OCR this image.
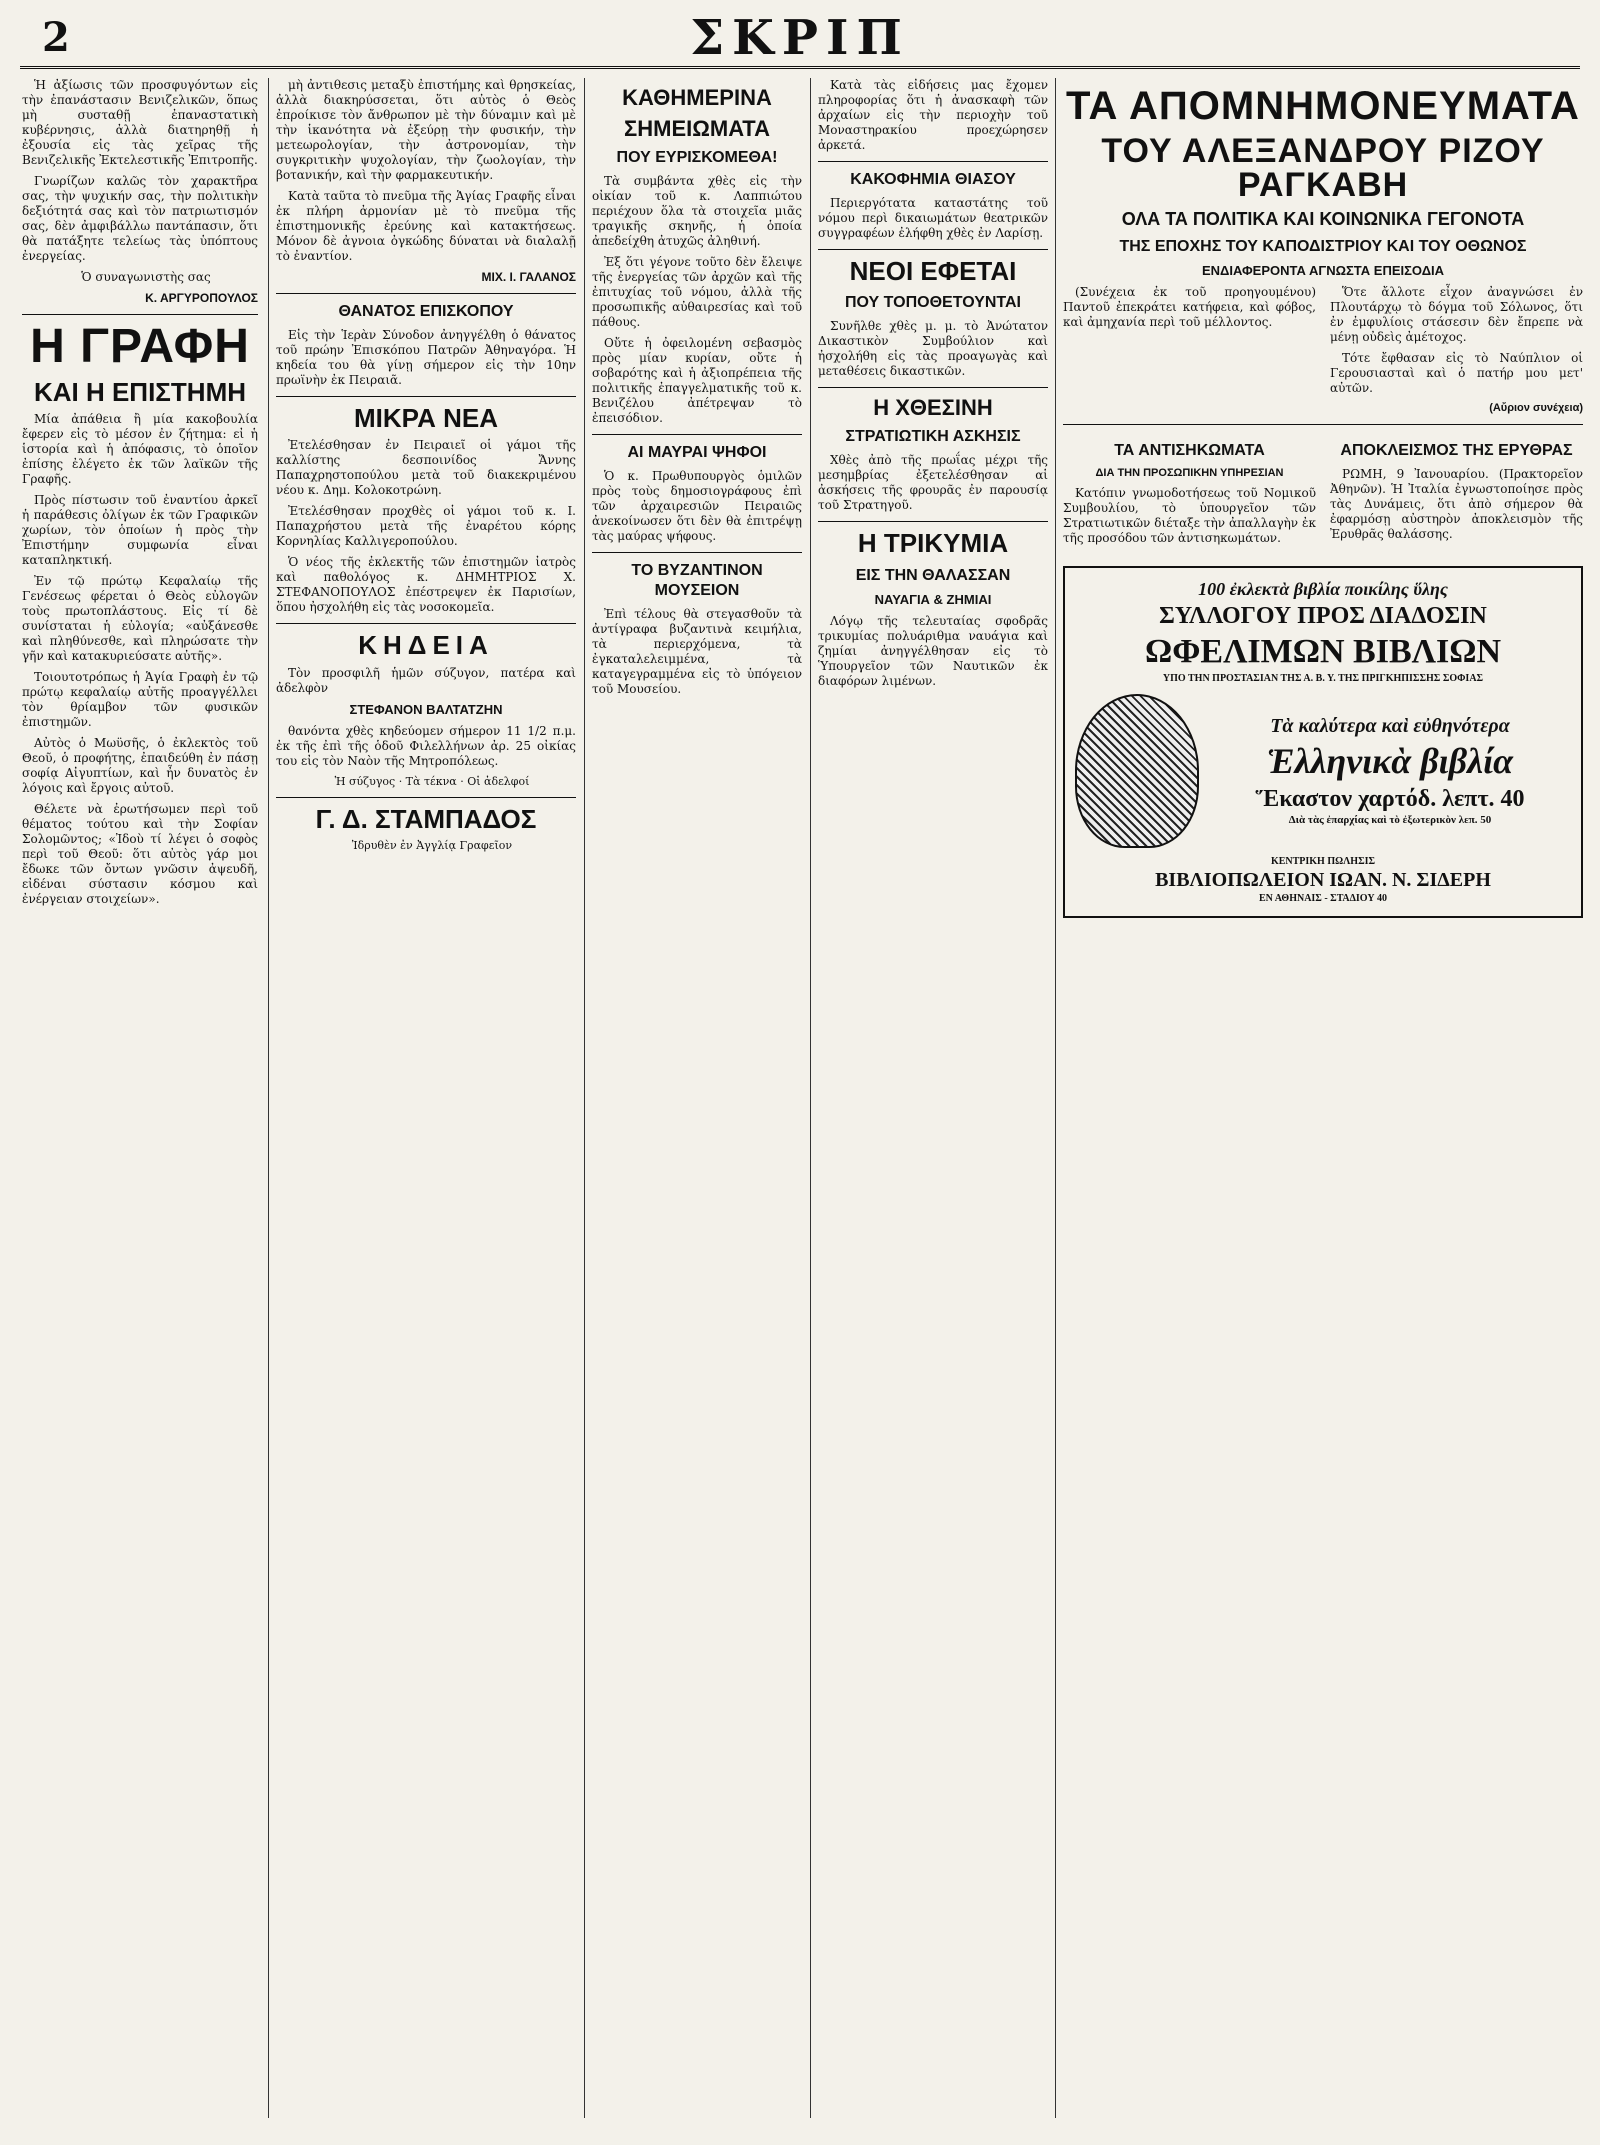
2	ΣΚΡΙΠ

Ἡ ἀξίωσις τῶν προσφυγόντων εἰς τὴν ἐπανάστασιν Βενιζελικῶν, ὅπως μὴ συσταθῇ ἐπαναστατικὴ κυβέρνησις, ἀλλὰ διατηρηθῇ ἡ ἐξουσία εἰς τὰς χεῖρας τῆς Βενιζελικῆς Ἐκτελεστικῆς Ἐπιτροπῆς.

Γνωρίζων καλῶς τὸν χαρακτῆρα σας, τὴν ψυχικήν σας, τὴν πολιτικὴν δεξιότητά σας καὶ τὸν πατριωτισμόν σας, δὲν ἀμφιβάλλω παντάπασιν, ὅτι θὰ πατάξητε τελείως τὰς ὑπόπτους ἐνεργείας.

Ὁ συναγωνιστὴς σας

Κ. ΑΡΓΥΡΟΠΟΥΛΟΣ
Η ΓΡΑΦΗ
ΚΑΙ Η ΕΠΙΣΤΗΜΗ

Μία ἀπάθεια ἢ μία κακοβουλία ἔφερεν εἰς τὸ μέσον ἐν ζήτημα: εἰ ἡ ἱστορία καὶ ἡ ἀπόφασις, τὸ ὁποῖον ἐπίσης ἐλέγετο ἐκ τῶν λαϊκῶν τῆς Γραφῆς.

Πρὸς πίστωσιν τοῦ ἐναντίου ἀρκεῖ ἡ παράθεσις ὀλίγων ἐκ τῶν Γραφικῶν χωρίων, τὸν ὁποίων ἡ πρὸς τὴν Ἐπιστήμην συμφωνία εἶναι καταπληκτική.

Ἐν τῷ πρώτῳ Κεφαλαίῳ τῆς Γενέσεως φέρεται ὁ Θεὸς εὐλογῶν τοὺς πρωτοπλάστους. Εἰς τί δὲ συνίσταται ἡ εὐλογία; «αὐξάνεσθε καὶ πληθύνεσθε, καὶ πληρώσατε τὴν γῆν καὶ κατακυριεύσατε αὐτῆς».

Τοιουτοτρόπως ἡ Ἁγία Γραφὴ ἐν τῷ πρώτῳ κεφαλαίῳ αὐτῆς προαγγέλλει τὸν θρίαμβον τῶν φυσικῶν ἐπιστημῶν.

Αὐτὸς ὁ Μωϋσῆς, ὁ ἐκλεκτὸς τοῦ Θεοῦ, ὁ προφήτης, ἐπαιδεύθη ἐν πάσῃ σοφίᾳ Αἰγυπτίων, καὶ ἦν δυνατὸς ἐν λόγοις καὶ ἔργοις αὐτοῦ.

Θέλετε νὰ ἐρωτήσωμεν περὶ τοῦ θέματος τούτου καὶ τὴν Σοφίαν Σολομῶντος; «Ἰδοὺ τί λέγει ὁ σοφὸς περὶ τοῦ Θεοῦ: ὅτι αὐτὸς γάρ μοι ἔδωκε τῶν ὄντων γνῶσιν ἀψευδῆ, εἰδέναι σύστασιν κόσμου καὶ ἐνέργειαν στοιχείων».

μὴ ἀντιθεσις μεταξὺ ἐπιστήμης καὶ θρησκείας, ἀλλὰ διακηρύσσεται, ὅτι αὐτὸς ὁ Θεὸς ἐπροίκισε τὸν ἄνθρωπον μὲ τὴν δύναμιν καὶ μὲ τὴν ἱκανότητα νὰ ἐξεύρῃ τὴν φυσικήν, τὴν μετεωρολογίαν, τὴν ἀστρονομίαν, τὴν συγκριτικὴν ψυχολογίαν, τὴν ζωολογίαν, τὴν βοτανικήν, καὶ τὴν φαρμακευτικήν.

Κατὰ ταῦτα τὸ πνεῦμα τῆς Ἁγίας Γραφῆς εἶναι ἐκ πλήρη ἀρμονίαν μὲ τὸ πνεῦμα τῆς ἐπιστημονικῆς ἐρεύνης καὶ κατακτήσεως. Μόνον δὲ ἀγνοια ὀγκώδης δύναται νὰ διαλαλῇ τὸ ἐναντίον.

ΜΙΧ. Ι. ΓΑΛΑΝΟΣ
ΘΑΝΑΤΟΣ ΕΠΙΣΚΟΠΟΥ

Εἰς τὴν Ἱερὰν Σύνοδον ἀνηγγέλθη ὁ θάνατος τοῦ πρώην Ἐπισκόπου Πατρῶν Ἀθηναγόρα. Ἡ κηδεία του θὰ γίνῃ σήμερον εἰς τὴν 10ην πρωϊνὴν ἐκ Πειραιᾶ.

ΜΙΚΡΑ ΝΕΑ

Ἐτελέσθησαν ἐν Πειραιεῖ οἱ γάμοι τῆς καλλίστης δεσποινίδος Ἄννης Παπαχρηστοπούλου μετὰ τοῦ διακεκριμένου νέου κ. Δημ. Κολοκοτρώνη.

Ἐτελέσθησαν προχθὲς οἱ γάμοι τοῦ κ. Ι. Παπαχρήστου μετὰ τῆς ἐναρέτου κόρης Κορνηλίας Καλλιγεροπούλου.

Ὁ νέος τῆς ἐκλεκτῆς τῶν ἐπιστημῶν ἰατρὸς καὶ παθολόγος κ. ΔΗΜΗΤΡΙΟΣ Χ. ΣΤΕΦΑΝΟΠΟΥΛΟΣ ἐπέστρεψεν ἐκ Παρισίων, ὅπου ἠσχολήθη εἰς τὰς νοσοκομεῖα.

ΚΗΔΕΙΑ

Τὸν προσφιλῆ ἡμῶν σύζυγον, πατέρα καὶ ἀδελφὸν

ΣΤΕΦΑΝΟΝ ΒΑΛΤΑΤΖΗΝ

θανόντα χθὲς κηδεύομεν σήμερον 11 1/2 π.μ. ἐκ τῆς ἐπὶ τῆς ὁδοῦ Φιλελλήνων ἀρ. 25 οἰκίας του εἰς τὸν Ναὸν τῆς Μητροπόλεως.

Ἡ σύζυγος · Τὰ τέκνα · Οἱ ἀδελφοί

Γ. Δ. ΣΤΑΜΠΑΔΟΣ

Ἰδρυθὲν ἐν Ἀγγλίᾳ Γραφεῖον

ΚΑΘΗΜΕΡΙΝΑ
ΣΗΜΕΙΩΜΑΤΑ
ΠΟΥ ΕΥΡΙΣΚΟΜΕΘΑ!

Τὰ συμβάντα χθὲς εἰς τὴν οἰκίαν τοῦ κ. Λαππιώτου περιέχουν ὅλα τὰ στοιχεῖα μιᾶς τραγικῆς σκηνῆς, ἡ ὁποία ἀπεδείχθη ἀτυχῶς ἀληθινή.

Ἐξ ὅτι γέγονε τοῦτο δὲν ἔλειψε τῆς ἐνεργείας τῶν ἀρχῶν καὶ τῆς ἐπιτυχίας τοῦ νόμου, ἀλλὰ τῆς προσωπικῆς αὐθαιρεσίας καὶ τοῦ πάθους.

Οὔτε ἡ ὀφειλομένη σεβασμὸς πρὸς μίαν κυρίαν, οὔτε ἡ σοβαρότης καὶ ἡ ἀξιοπρέπεια τῆς πολιτικῆς ἐπαγγελματικῆς τοῦ κ. Βενιζέλου ἀπέτρεψαν τὸ ἐπεισόδιον.

ΑΙ ΜΑΥΡΑΙ ΨΗΦΟΙ

Ὁ κ. Πρωθυπουργὸς ὁμιλῶν πρὸς τοὺς δημοσιογράφους ἐπὶ τῶν ἀρχαιρεσιῶν Πειραιῶς ἀνεκοίνωσεν ὅτι δὲν θὰ ἐπιτρέψῃ τὰς μαύρας ψήφους.

ΤΟ ΒΥΖΑΝΤΙΝΟΝ ΜΟΥΣΕΙΟΝ

Ἐπὶ τέλους θὰ στεγασθοῦν τὰ ἀντίγραφα βυζαντινὰ κειμήλια, τὰ περιερχόμενα, τὰ ἐγκαταλελειμμένα, τὰ καταγεγραμμένα εἰς τὸ ὑπόγειον τοῦ Μουσείου.

Κατὰ τὰς εἰδήσεις μας ἔχομεν πληροφορίας ὅτι ἡ ἀνασκαφὴ τῶν ἀρχαίων εἰς τὴν περιοχὴν τοῦ Μοναστηρακίου προεχώρησεν ἀρκετά.

ΚΑΚΟΦΗΜΙΑ ΘΙΑΣΟΥ

Περιεργότατα καταστάτης τοῦ νόμου περὶ δικαιωμάτων θεατρικῶν συγγραφέων ἐλήφθη χθὲς ἐν Λαρίσῃ.

ΝΕΟΙ ΕΦΕΤΑΙ
ΠΟΥ ΤΟΠΟΘΕΤΟΥΝΤΑΙ

Συνῆλθε χθὲς μ. μ. τὸ Ἀνώτατον Δικαστικὸν Συμβούλιον καὶ ἠσχολήθη εἰς τὰς προαγωγὰς καὶ μεταθέσεις δικαστικῶν.

Η ΧΘΕΣΙΝΗ
ΣΤΡΑΤΙΩΤΙΚΗ ΑΣΚΗΣΙΣ

Χθὲς ἀπὸ τῆς πρωΐας μέχρι τῆς μεσημβρίας ἐξετελέσθησαν αἱ ἀσκήσεις τῆς φρουρᾶς ἐν παρουσίᾳ τοῦ Στρατηγοῦ.

Η ΤΡΙΚΥΜΙΑ
ΕΙΣ ΤΗΝ ΘΑΛΑΣΣΑΝ
ΝΑΥΑΓΙΑ & ΖΗΜΙΑΙ

Λόγῳ τῆς τελευταίας σφοδρᾶς τρικυμίας πολυάριθμα ναυάγια καὶ ζημίαι ἀνηγγέλθησαν εἰς τὸ Ὑπουργεῖον τῶν Ναυτικῶν ἐκ διαφόρων λιμένων.

ΤΑ ΑΠΟΜΝΗΜΟΝΕΥΜΑΤΑ
ΤΟΥ ΑΛΕΞΑΝΔΡΟΥ ΡΙΖΟΥ ΡΑΓΚΑΒΗ
ΟΛΑ ΤΑ ΠΟΛΙΤΙΚΑ ΚΑΙ ΚΟΙΝΩΝΙΚΑ ΓΕΓΟΝΟΤΑ
ΤΗΣ ΕΠΟΧΗΣ ΤΟΥ ΚΑΠΟΔΙΣΤΡΙΟΥ ΚΑΙ ΤΟΥ ΟΘΩΝΟΣ
ΕΝΔΙΑΦΕΡΟΝΤΑ ΑΓΝΩΣΤΑ ΕΠΕΙΣΟΔΙΑ

(Συνέχεια ἐκ τοῦ προηγουμένου) Παντοῦ ἐπεκράτει κατήφεια, καὶ φόβος, καὶ ἀμηχανία περὶ τοῦ μέλλοντος.

Ὅτε ἄλλοτε εἶχον ἀναγνώσει ἐν Πλουτάρχῳ τὸ δόγμα τοῦ Σόλωνος, ὅτι ἐν ἐμφυλίοις στάσεσιν δὲν ἔπρεπε νὰ μένῃ οὐδεὶς ἀμέτοχος.

Τότε ἔφθασαν εἰς τὸ Ναύπλιον οἱ Γερουσιασταὶ καὶ ὁ πατήρ μου μετ' αὐτῶν.

(Αὔριον συνέχεια)
ΤΑ ΑΝΤΙΣΗΚΩΜΑΤΑ
ΔΙΑ ΤΗΝ ΠΡΟΣΩΠΙΚΗΝ ΥΠΗΡΕΣΙΑΝ

Κατόπιν γνωμοδοτήσεως τοῦ Νομικοῦ Συμβουλίου, τὸ ὑπουργεῖον τῶν Στρατιωτικῶν διέταξε τὴν ἀπαλλαγὴν ἐκ τῆς προσόδου τῶν ἀντισηκωμάτων.

ΑΠΟΚΛΕΙΣΜΟΣ ΤΗΣ ΕΡΥΘΡΑΣ

ΡΩΜΗ, 9 Ἰανουαρίου. (Πρακτορεῖον Ἀθηνῶν). Ἡ Ἰταλία ἐγνωστοποίησε πρὸς τὰς Δυνάμεις, ὅτι ἀπὸ σήμερον θὰ ἐφαρμόσῃ αὐστηρὸν ἀποκλεισμὸν τῆς Ἐρυθρᾶς θαλάσσης.

100 ἐκλεκτὰ βιβλία ποικίλης ὕλης
ΣΥΛΛΟΓΟΥ ΠΡΟΣ ΔΙΑΔΟΣΙΝ
ΩΦΕΛΙΜΩΝ ΒΙΒΛΙΩΝ
ΥΠΟ ΤΗΝ ΠΡΟΣΤΑΣΙΑΝ ΤΗΣ Α. Β. Υ. ΤΗΣ ΠΡΙΓΚΗΠΙΣΣΗΣ ΣΟΦΙΑΣ
Τὰ καλύτερα καὶ εὐθηνότερα
Ἑλληνικὰ βιβλία
Ἕκαστον χαρτόδ. λεπτ. 40
Διὰ τὰς ἐπαρχίας καὶ τὸ ἐξωτερικὸν λεπ. 50
ΚΕΝΤΡΙΚΗ ΠΩΛΗΣΙΣ
ΒΙΒΛΙΟΠΩΛΕΙΟΝ ΙΩΑΝ. Ν. ΣΙΔΕΡΗ
ΕΝ ΑΘΗΝΑΙΣ - ΣΤΑΔΙΟΥ 40
